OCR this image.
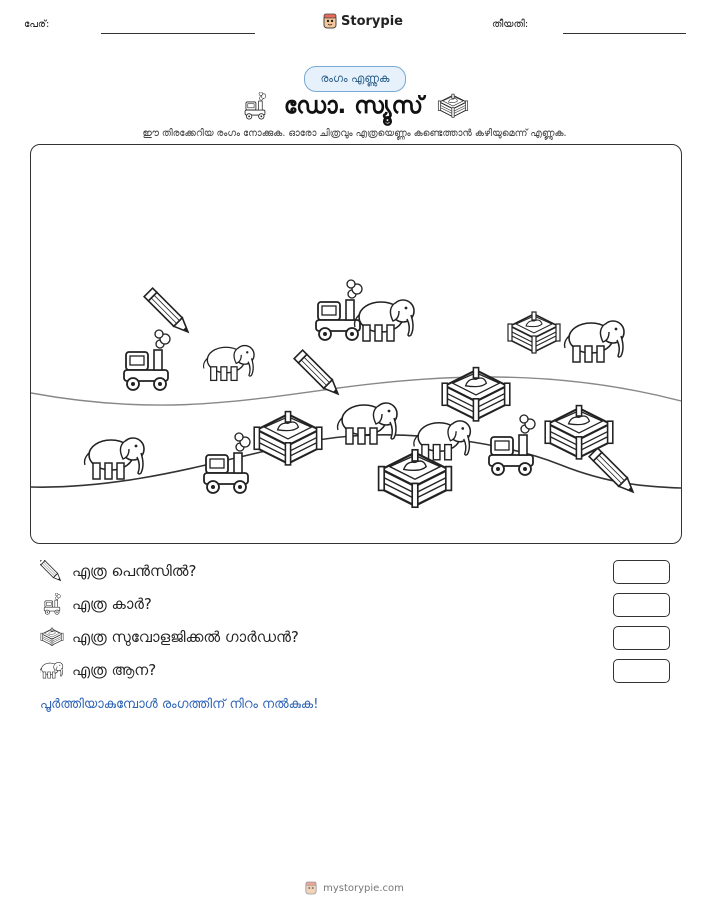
പേര്:	Storypie	തീയതി:
രംഗം എണ്ണുക
ഡോ. സ്യൂസ്
ഈ തിരക്കേറിയ രംഗം നോക്കുക. ഓരോ ചിത്രവും എത്രയെണ്ണം കണ്ടെത്താൻ കഴിയുമെന്ന് എണ്ണുക.
എത്ര പെൻസിൽ?
എത്ര കാർ?
എത്ര സുവോളജിക്കൽ ഗാർഡൻ?
എത്ര ആന?
പൂർത്തിയാകുമ്പോൾ രംഗത്തിന് നിറം നൽകുക!
mystorypie.com
